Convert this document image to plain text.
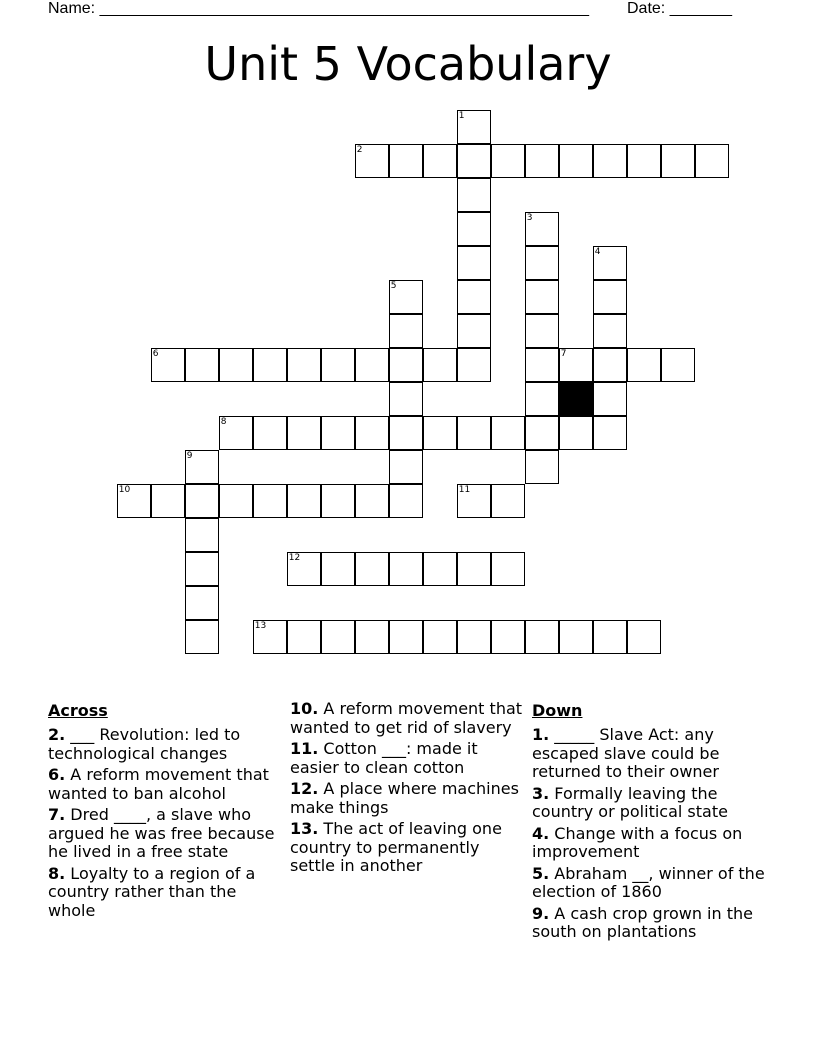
Name: _______________________________________________________ Date: _______
Unit 5 Vocabulary
1
2
3
4
5
6	7
8
9
10	11
12
13
Across
2. ___ Revolution: led to technological changes
6. A reform movement that wanted to ban alcohol
7. Dred ____, a slave who argued he was free because he lived in a free state
8. Loyalty to a region of a country rather than the whole
10. A reform movement that wanted to get rid of slavery
11. Cotton ___: made it easier to clean cotton
12. A place where machines make things
13. The act of leaving one country to permanently settle in another
Down
1. _____ Slave Act: any escaped slave could be returned to their owner
3. Formally leaving the country or political state
4. Change with a focus on improvement
5. Abraham __, winner of the election of 1860
9. A cash crop grown in the south on plantations
